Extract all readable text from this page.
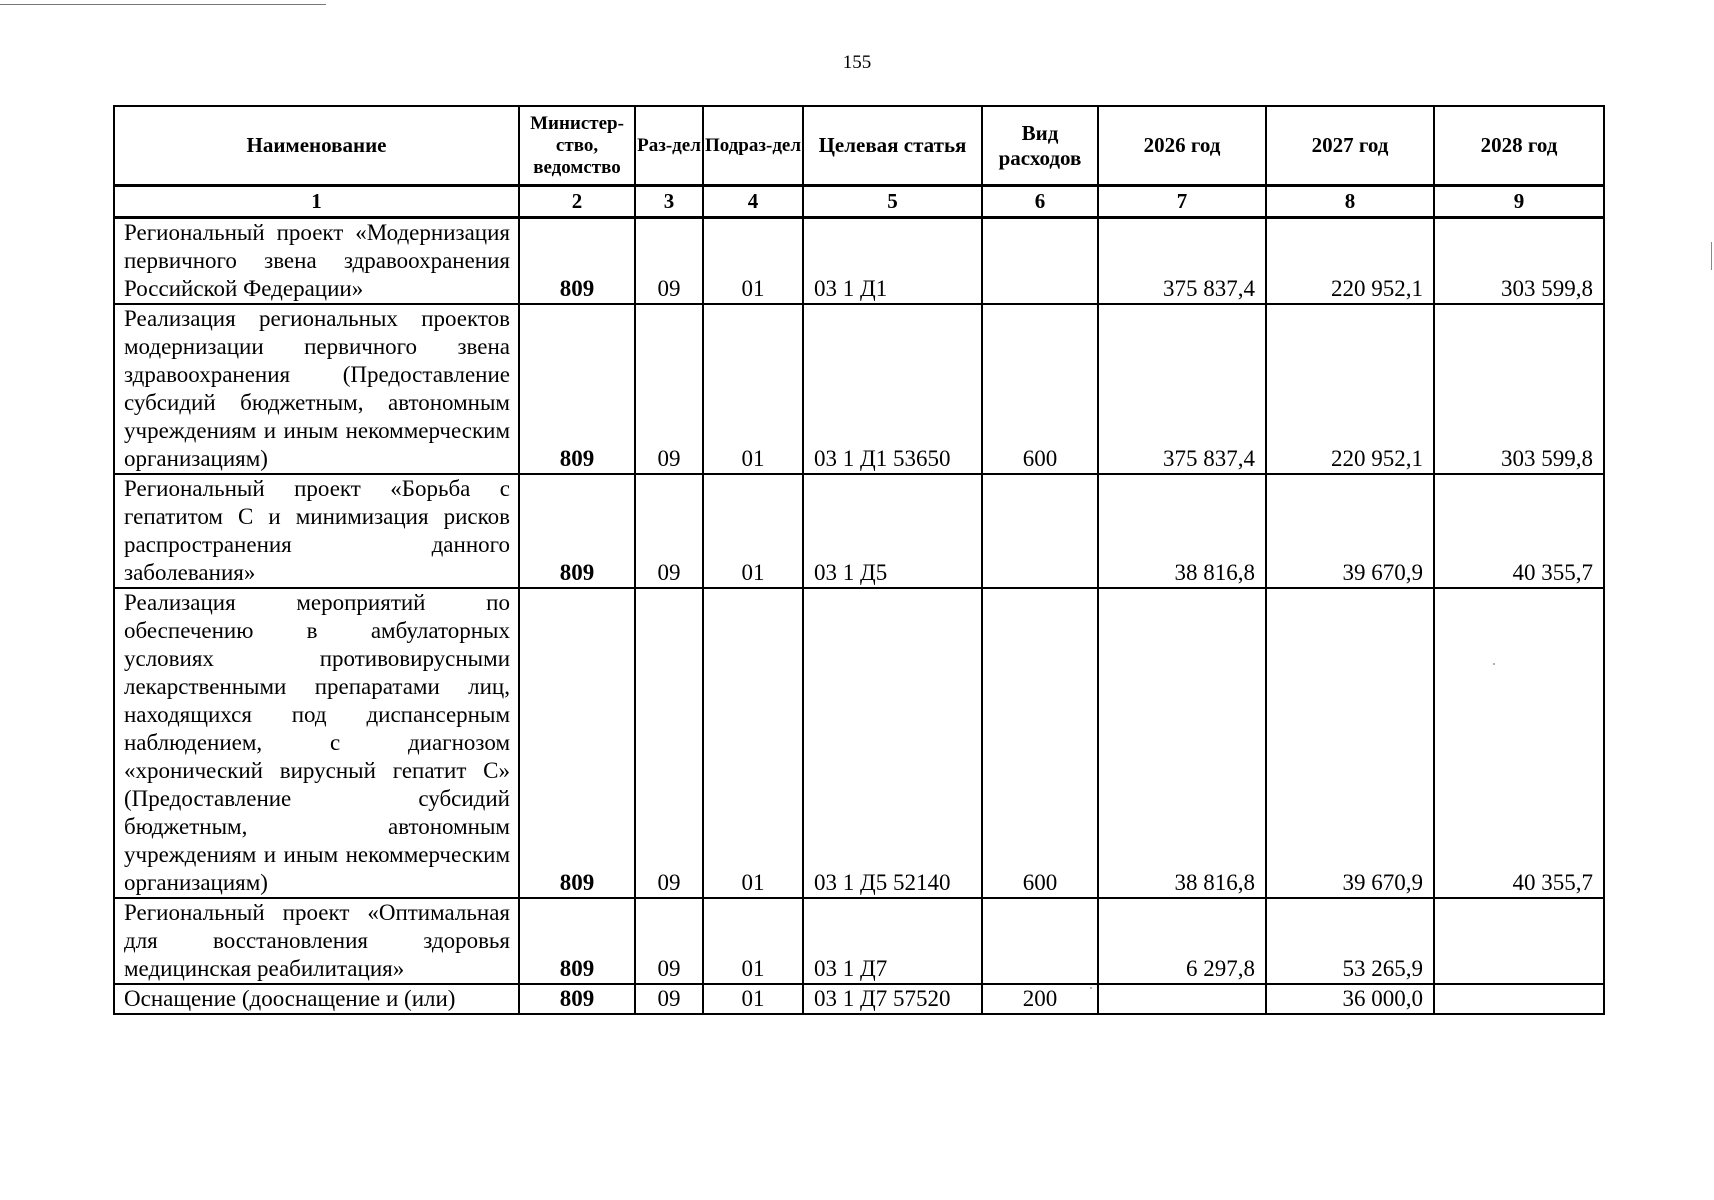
155
Наименование	Министер-ство, ведомство	Раз-дел	Подраз-дел	Целевая статья	Вид расходов	2026 год	2027 год	2028 год
1	2	3	4	5	6	7	8	9
Региональный проект «Модернизация первичного звена здравоохранения Российской Федерации»	809	09	01	03 1 Д1		375 837,4	220 952,1	303 599,8
Реализация региональных проектов модернизации первичного звена здравоохранения (Предоставление субсидий бюджетным, автономным учреждениям и иным некоммерческим организациям)	809	09	01	03 1 Д1 53650	600	375 837,4	220 952,1	303 599,8
Региональный проект «Борьба с гепатитом С и минимизация рисков распространения данного заболевания»	809	09	01	03 1 Д5		38 816,8	39 670,9	40 355,7
Реализация мероприятий по обеспечению в амбулаторных условиях противовирусными лекарственными препаратами лиц, находящихся под диспансерным наблюдением, с диагнозом «хронический вирусный гепатит С» (Предоставление субсидий бюджетным, автономным учреждениям и иным некоммерческим организациям)	809	09	01	03 1 Д5 52140	600	38 816,8	39 670,9	40 355,7
Региональный проект «Оптимальная для восстановления здоровья медицинская реабилитация»	809	09	01	03 1 Д7		6 297,8	53 265,9	
Оснащение (дооснащение и (или)	809	09	01	03 1 Д7 57520	200		36 000,0	
